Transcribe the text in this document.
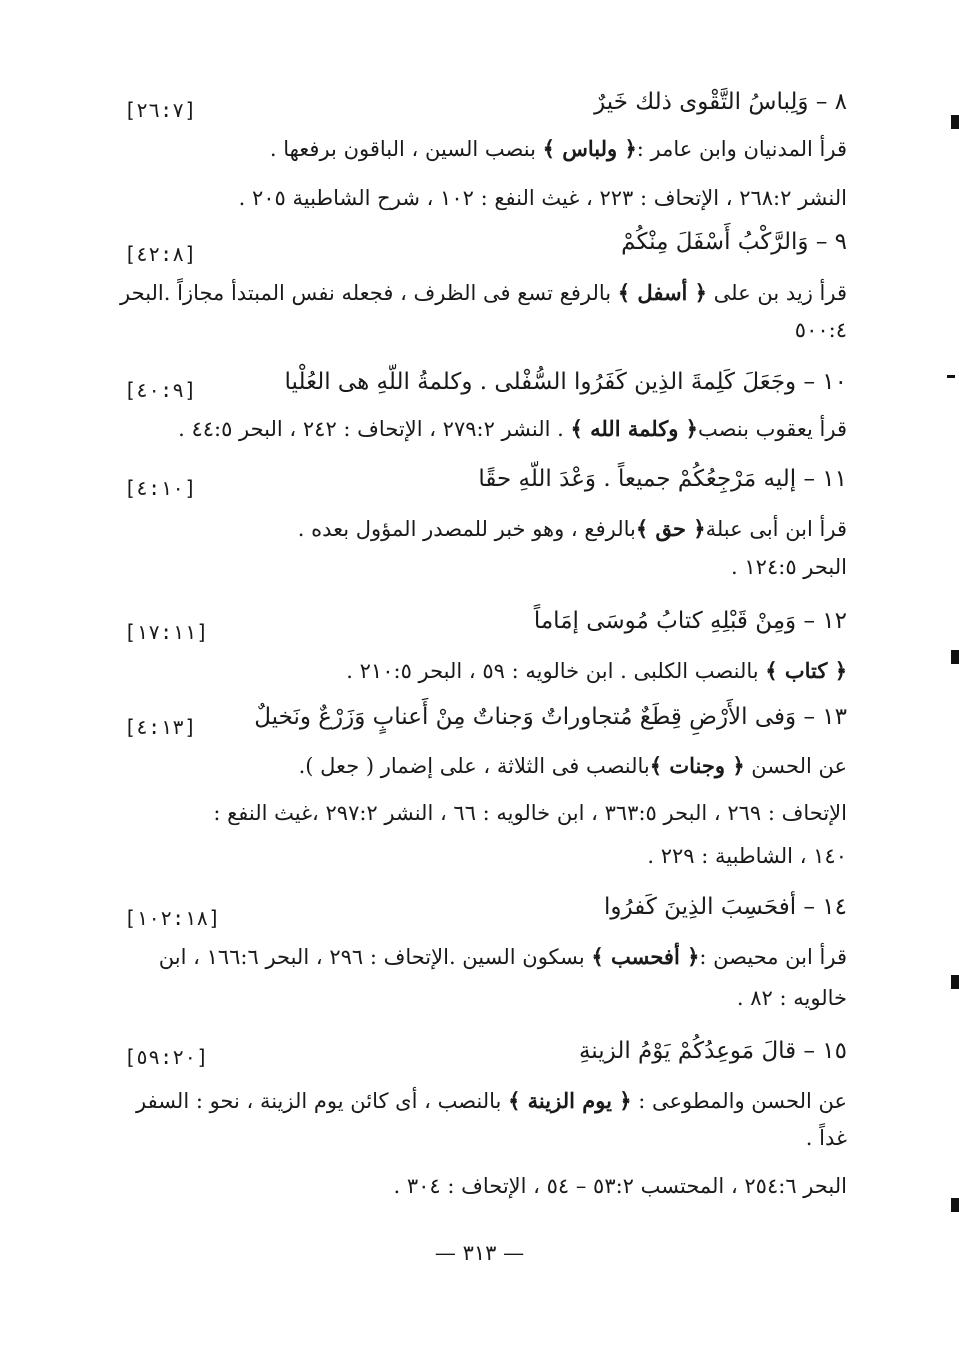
٨ – وَلِباسُ التَّقْوى ذلك خَيرٌ
[٢٦:٧]
قرأ المدنيان وابن عامر :﴿ ولباس ﴾ بنصب السين ، الباقون برفعها .
النشر ٢٦٨:٢ ، الإتحاف : ٢٢٣ ، غيث النفع : ١٠٢ ، شرح الشاطبية ٢٠٥ .
٩ – وَالرَّكْبُ أَسْفَلَ مِنْكُمْ
[٤٢:٨]
قرأ زيد بن على ﴿ أسفل ﴾ بالرفع تسع فى الظرف ، فجعله نفس المبتدأ مجازاً .البحر
٥٠٠:٤
١٠ – وجَعَلَ كَلِمةَ الذِين كَفَرُوا السُّفْلى . وكلمةُ اللّهِ هى العُلْيا
[٤٠:٩]
قرأ يعقوب بنصب﴿ وكلمة الله ﴾ . النشر ٢٧٩:٢ ، الإتحاف : ٢٤٢ ، البحر ٤٤:٥ .
١١ – إليه مَرْجِعُكُمْ جميعاً . وَعْدَ اللّهِ حقًا
[٤:١٠]
قرأ ابن أبى عبلة﴿ حق ﴾بالرفع ، وهو خبر للمصدر المؤول بعده .
البحر ١٢٤:٥ .
١٢ – وَمِنْ قَبْلِهِ كتابُ مُوسَى إمَاماً
[١٧:١١]
﴿ كتاب ﴾ بالنصب الكلبى . ابن خالويه : ٥٩ ، البحر ٢١٠:٥ .
١٣ – وَفى الأَرْضِ قِطَعٌ مُتجاوراتٌ وَجناتٌ مِنْ أَعنابٍ وَزَرْعٌ ونَخيلٌ
[٤:١٣]
عن الحسن ﴿ وجنات ﴾بالنصب فى الثلاثة ، على إضمار ( جعل ).
الإتحاف : ٢٦٩ ، البحر ٣٦٣:٥ ، ابن خالويه : ٦٦ ، النشر ٢٩٧:٢ ،غيث النفع :
١٤٠ ، الشاطبية : ٢٢٩ .
١٤ – أفحَسِبَ الذِينَ كَفرُوا
[١٠٢:١٨]
قرأ ابن محيصن :﴿ أفحسب ﴾ بسكون السين .الإتحاف : ٢٩٦ ، البحر ١٦٦:٦ ، ابن
خالويه : ٨٢ .
١٥ – قالَ مَوعِدُكُمْ يَوْمُ الزينةِ
[٥٩:٢٠]
عن الحسن والمطوعى : ﴿ يوم الزينة ﴾ بالنصب ، أى كائن يوم الزينة ، نحو : السفر
غداً .
البحر ٢٥٤:٦ ، المحتسب ٥٣:٢ – ٥٤ ، الإتحاف : ٣٠٤ .
— ٣١٣ —
